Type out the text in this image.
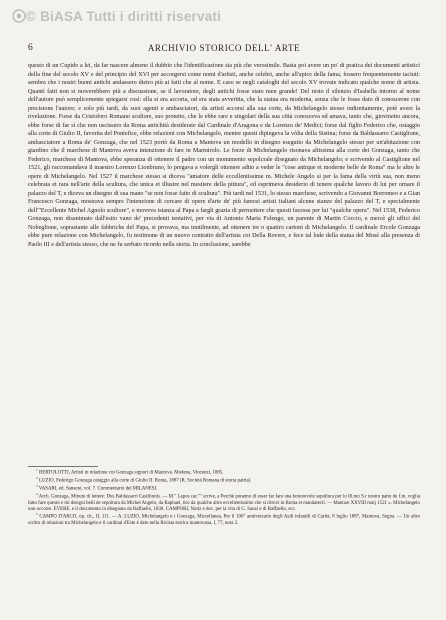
© BiASA Tutti i diritti riservati
6	ARCHIVIO STORICO DELL' ARTE

questo di un Cupido a lei, da far nascere almeno il dubbio che l'identificazione sia più che verosimile. Basta poi avere un po' di pratica dei documenti artistici della fine del secolo XV e del principio del XVI per accorgersi come nomi d'artisti, anche celebri, anche all'apice della fama, fossero frequentemente taciuti: sembra che i nostri buoni antichi andassero dietro più ai fatti che al nome. E caso se negli cataloghi del secolo XV trovate indicato qualche nome di artista. Quanti fatti non si moverebbero più a discussione, se il lavoratore, degli antichi fosse stato men grande! Del resto il silenzio d'Isabella intorno al nome dell'autore può semplicemente spiegarsi così: ella si era accorta, od era stata avvertita, che la statua era moderna, senza che le fosse dato di conoscerne con precisione l'autore; e solo più tardi, da suoi agenti e ambasciatori, da artisti accorsi alla sua corte, da Michelangelo stesso indirettamente, potè avere la rivelazione. Forse da Cristoforo Romano scultore, suo protetto, che le ebbe rare e singolari della sua città conosceva ed amava, tanto che, giovinetto ancora, ebbe forse di far sì che non uscissero da Roma antichità desiderate dal Cardinale d'Aragona e da Lorenzo de' Medici; forse dal figlio Federico che, ostaggio alla corte di Giulio II, favorita del Pontefice, ebbe relazioni con Michelangelo, mentre questi dipingeva la vòlta della Sistina; forse da Baldassarre Castiglione, ambasciatore a Roma de' Gonzaga, che nel 1523 portò da Roma a Mantova un modello in disegno eseguito da Michelangelo stesso per un'abitazione con giardino che il marchese di Mantova aveva intenzione di fare in Marmirolo. Le forze di Michelangelo risonava altissima alla corte dei Gonzaga, tanto che Federico, marchese di Mantova, ebbe speranza di ottenere il padre con un monumento sepolcrale disegnato da Michelangelo; e scrivendo al Castiglione nel 1521, gli raccomandava il maestro Lorenzo Lionbruno, lo pregava a volergli ottenere adito a veder le "cose antique et moderne belle de Roma" ma le altre le opere di Michelangelo. Nel 1527 il marchese stesso si diceva "amatore delle eccellentissime m. Michele Angelo si per la fama della virtù sua, non meno celebrata et rara nell'arte della scultura, che unica et illustre nel mestiere della pittura", ed esprimeva desiderio di tenere qualche lavoro di lui per ornare il palazzo del T, e diceva un disegno di sua mano "se non fosse fatto di scultura". Più tardi nel 1531, lo stesso marchese, scrivendo a Giovanni Borromeo e a Gian Francesco Gonzaga, mostrava sempre l'intenzione di cercare di opere d'arte de' più famosi artisti italiani alcune stanze del palazzo del T, e specialmente dell'"Eccellente Michel Agnolo scultore", e moveva istanza al Papa a fargli grazia di permettere che questi facesse per lui "qualche opera". Nel 1538, Federico Gonzaga, non disanimato dall'esito vano de' precedenti tentativi, per via di Antonio Maria Folengo, un parente di Martin Coccio, e mercè gli uffici del Nobeglione, soprastante alle fabbriche del Papa, si provava, ma inutilmente, ad ottenere tre o quattro cartoni di Michelangelo. Il cardinale Ercole Gonzaga ebbe pure relazione con Michelangelo, fu testimone di un nuovo contratto dell'artista coi Della Rovere, e fece tal lode della statua del Mosè alla presenza di Paolo III e dell'artista stesso, che ne fu serbato ricordo nella storia. In conclusione, sarebbe

$^1$ BERTOLOTTI, Artisti in relazione coi Gonzaga signori di Mantova. Modena, Vincenzi, 1885.

$^2$ LUZIO, Federigo Gonzaga ostaggio alla corte di Giulio II. Roma, 1887 (R. Società Romana di storia patria).

$^3$ VASARI, ed. Sansoni, vol. 7. Commentario del MILANESI.

$^4$ Arch. Gonzaga, Minute di lettere: Dus Baldassarri Castilionis. — M." Lapos car."" scrive, a Perchè ponemo di esser far fare una honorevole sepoltura per lo Ill.mo S.r nostro patre de f.m. voglia fatto fare questo e mi designi belli de sepoltura da Michel Angelo, da Raphael, tiro da qualche altro eccellentissimo che si ritrovi in Roma et mandatecil. — Mantuæ XXVIII maij 1521 ». Michelangelo non occorre. EVERE. e il documento in disegnato da Raffaello, 1838. CAMPORI, Notiz e doc. per la vita di G. Sanzi e di Raffaello, ecc.

$^5$ CAMPO D'ARCO, op. cit., II, 111. — A. LUZIO, Michelangelo e i Gonzaga, Miscellanea, Per il 100° anniversario degli Asili infantili di Carità, 8 luglio 1887, Mantova, Segna. — Un altro scritto di relazioni tra Michelangelo e il cardinal d'Este è dato nella Rivista storica mantovana, I, 77, nota 2.
